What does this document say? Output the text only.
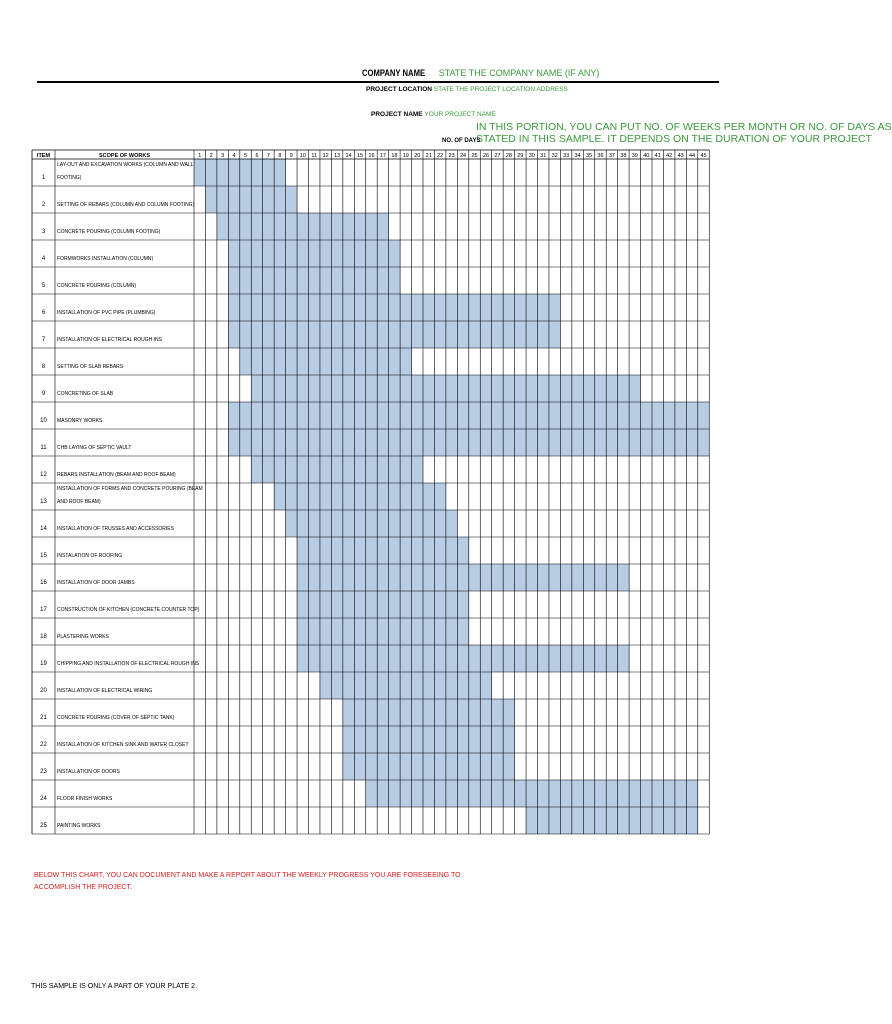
COMPANY NAME STATE THE COMPANY NAME (IF ANY)
PROJECT LOCATION STATE THE PROJECT LOCATION ADDRESS
PROJECT NAME YOUR PROJECT NAME
IN THIS PORTION, YOU CAN PUT NO. OF WEEKS PER MONTH OR NO. OF DAYS AS
STATED IN THIS SAMPLE. IT DEPENDS ON THE DURATION OF YOUR PROJECT
NO. OF DAYS
ITEM	SCOPE OF WORKS	1 2 3 4 5 6 7 8 9 10 11 12 13 14 15 16 17 18 19 20 21 22 23 24 25 26 27 28 29 30 31 32 33 34 35 36 37 38 39 40 41 42 43 44 45
1
LAY-OUT AND EXCAVATION WORKS (COLUMN AND WALL
FOOTING)
2 SETTING OF REBARS (COLUMN AND COLUMN FOOTING)
3 CONCRETE POURING (COLUMN FOOTING)
4 FORMWORKS INSTALLATION (COLUMN)
5 CONCRETE POURING (COLUMN)
6 INSTALLATION OF PVC PIPE (PLUMBING)
7 INSTALLATION OF ELECTRICAL ROUGH INS
8 SETTING OF SLAB REBARS
9 CONCRETING OF SLAB
10 MASONRY WORKS
11 CHB LAYING OF SEPTIC VAULT
12 REBARS INSTALLATION (BEAM AND ROOF BEAM)
13
INSTALLATION OF FORMS AND CONCRETE POURING (BEAM
AND ROOF BEAM)
14 INSTALLATION OF TRUSSES AND ACCESSORIES
15 INSTALATION OF ROOFING
16 INSTALLATION OF DOOR JAMBS
17 CONSTRUCTION OF KITCHEN (CONCRETE COUNTER TOP)
18 PLASTERING WORKS
19 CHIPPING AND INSTALLATION OF ELECTRICAL ROUGH INS
20 INSTALLATION OF ELECTRICAL WIRING
21 CONCRETE POURING (COVER OF SEPTIC TANK)
22 INSTALLATION OF KITCHEN SINK AND WATER CLOSET
23 INSTALLATION OF DOORS
24 FLOOR FINISH WORKS
25 PAINTING WORKS
BELOW THIS CHART, YOU CAN DOCUMENT AND MAKE A REPORT ABOUT THE WEEKLY PROGRESS YOU ARE FORESEEING TO
ACCOMPLISH THE PROJECT.
THIS SAMPLE IS ONLY A PART OF YOUR PLATE 2.
